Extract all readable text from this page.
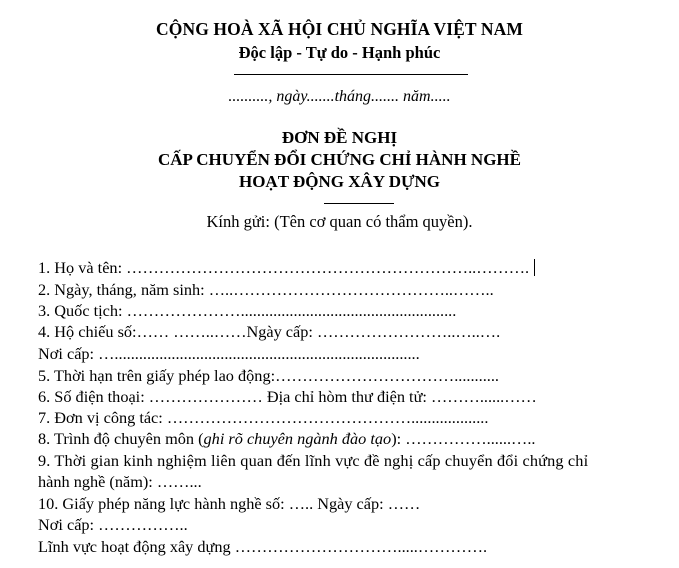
CỘNG HOÀ XÃ HỘI CHỦ NGHĨA VIỆT NAM
Độc lập - Tự do - Hạnh phúc
.........., ngày.......tháng....... năm.....
ĐƠN ĐỀ NGHỊ
CẤP CHUYỂN ĐỔI CHỨNG CHỈ HÀNH NGHỀ
HOẠT ĐỘNG XÂY DỰNG
Kính gửi: (Tên cơ quan có thẩm quyền).
1. Họ và tên: ………………………………………………………..……….
2. Ngày, tháng, năm sinh: …..…………………………………..……..
3. Quốc tịch: ………………….....................................................
4. Hộ chiếu số:…… ……..……Ngày cấp: ……………………..…..….
Nơi cấp: …...........................................................................
5. Thời hạn trên giấy phép lao động:……………………………...........
6. Số điện thoại: ………………… Địa chỉ hòm thư điện tử: ………......……
7. Đơn vị công tác: ………………………………………...................
8. Trình độ chuyên môn (ghi rõ chuyên ngành đào tạo): ……………......…..
9. Thời gian kinh nghiệm liên quan đến lĩnh vực đề nghị cấp chuyển đổi chứng chỉ
hành nghề (năm): ……...
10. Giấy phép năng lực hành nghề số: ….. Ngày cấp: ……
Nơi cấp: ……………..
Lĩnh vực hoạt động xây dựng ………………………….....………….
